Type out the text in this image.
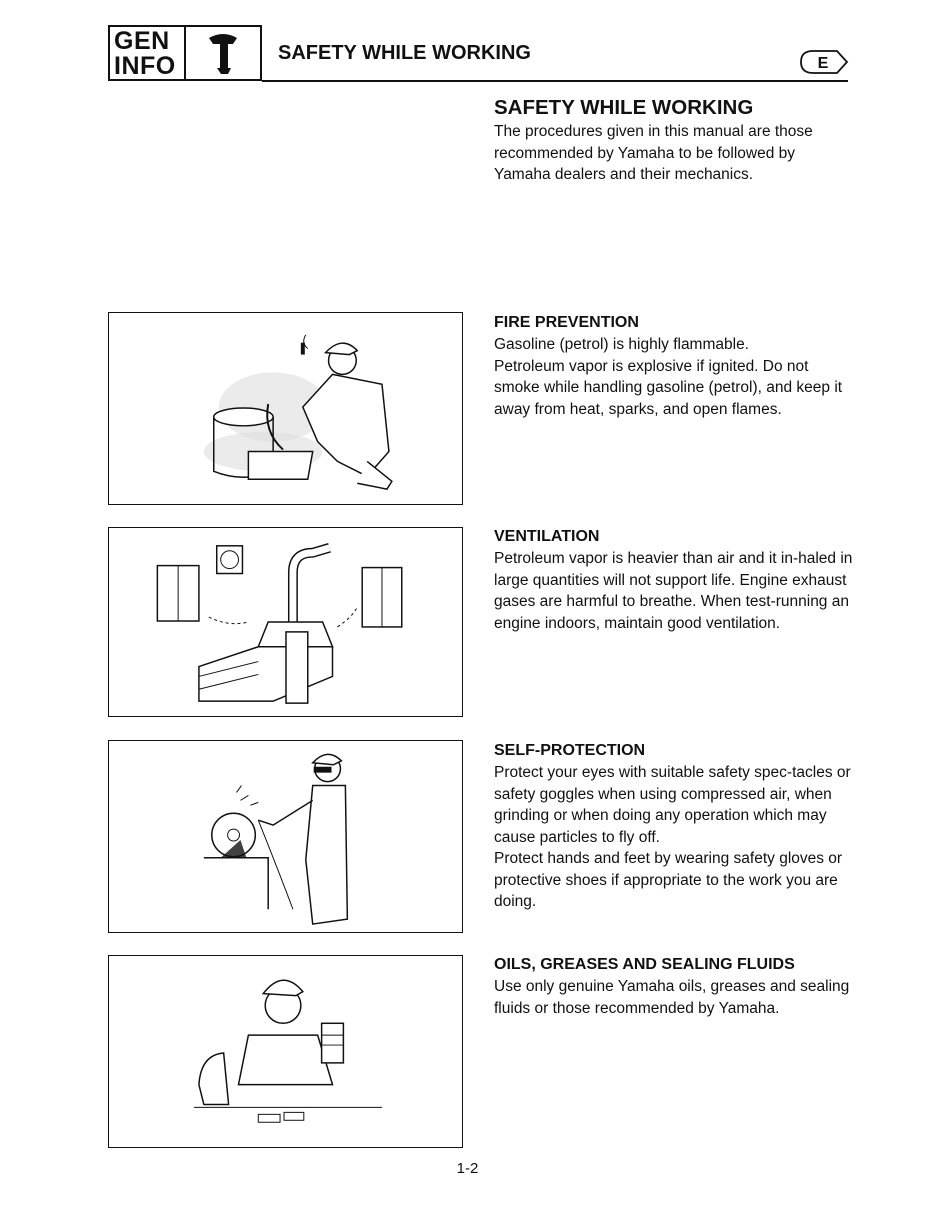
GEN
INFO	SAFETY WHILE WORKING	E
SAFETY WHILE WORKING

The procedures given in this manual are those recommended by Yamaha to be followed by Yamaha dealers and their mechanics.

FIRE PREVENTION

Gasoline (petrol) is highly flammable.

Petroleum vapor is explosive if ignited. Do not smoke while handling gasoline (petrol), and keep it away from heat, sparks, and open flames.

VENTILATION

Petroleum vapor is heavier than air and it in-haled in large quantities will not support life. Engine exhaust gases are harmful to breathe. When test-running an engine indoors, maintain good ventilation.

SELF-PROTECTION

Protect your eyes with suitable safety spec-tacles or safety goggles when using compressed air, when grinding or when doing any operation which may cause particles to fly off.

Protect hands and feet by wearing safety gloves or protective shoes if appropriate to the work you are doing.

OILS, GREASES AND SEALING FLUIDS

Use only genuine Yamaha oils, greases and sealing fluids or those recommended by Yamaha.

1-2
